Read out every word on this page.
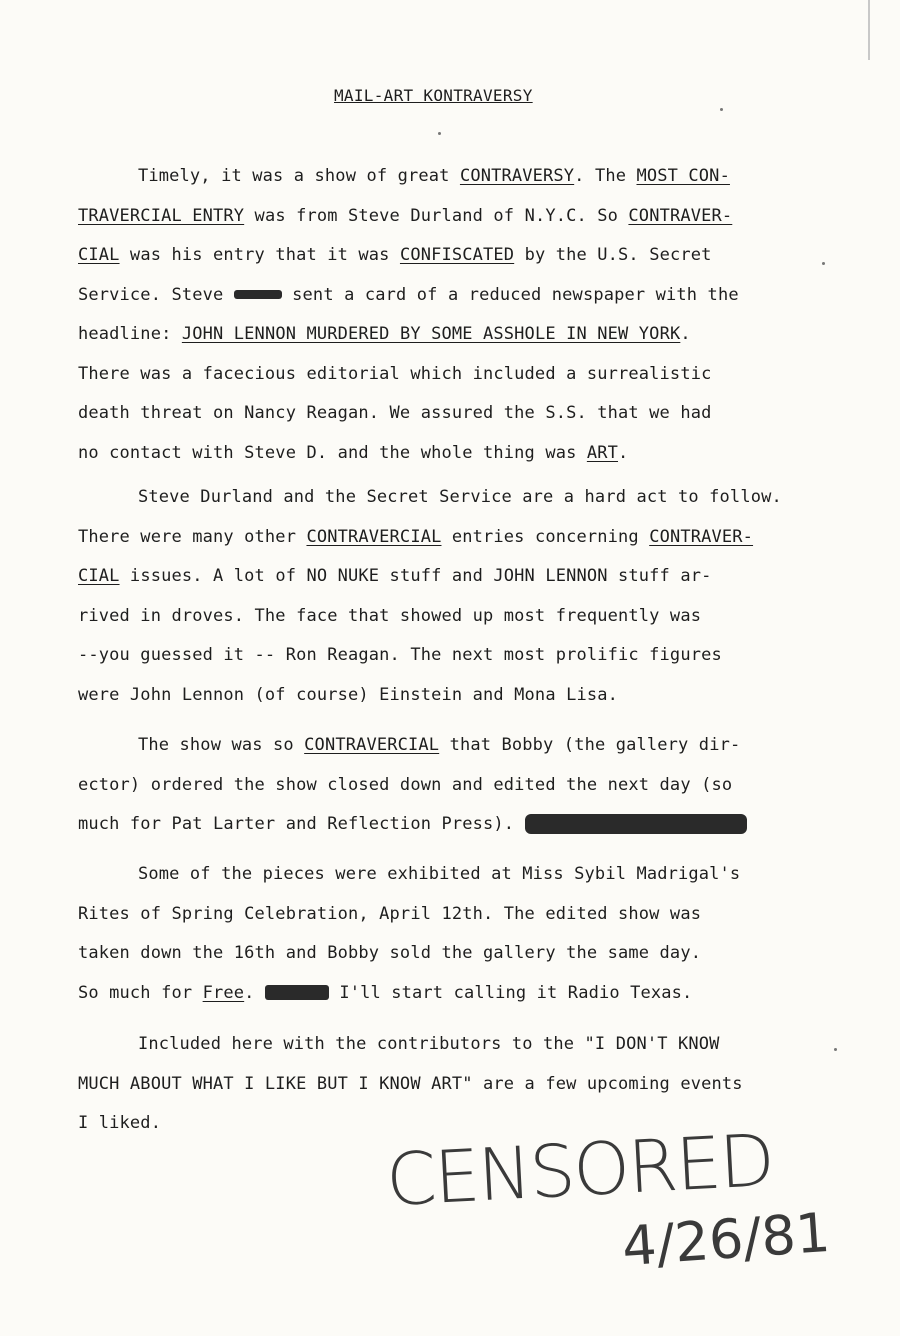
MAIL-ART KONTRAVERSY
Timely, it was a show of great CONTRAVERSY. The MOST CON-
TRAVERCIAL ENTRY was from Steve Durland of N.Y.C. So CONTRAVER-
CIAL was his entry that it was CONFISCATED by the U.S. Secret
Service. Steve	sent a card of a reduced newspaper with the
headline: JOHN LENNON MURDERED BY SOME ASSHOLE IN NEW YORK.
There was a facecious editorial which included a surrealistic
death threat on Nancy Reagan. We assured the S.S. that we had
no contact with Steve D. and the whole thing was ART.
Steve Durland and the Secret Service are a hard act to follow.
There were many other CONTRAVERCIAL entries concerning CONTRAVER-
CIAL issues. A lot of NO NUKE stuff and JOHN LENNON stuff ar-
rived in droves. The face that showed up most frequently was
--you guessed it -- Ron Reagan. The next most prolific figures
were John Lennon (of course) Einstein and Mona Lisa.
The show was so CONTRAVERCIAL that Bobby (the gallery dir-
ector) ordered the show closed down and edited the next day (so
much for Pat Larter and Reflection Press).
Some of the pieces were exhibited at Miss Sybil Madrigal's
Rites of Spring Celebration, April 12th. The edited show was
taken down the 16th and Bobby sold the gallery the same day.
So much for Free.	I'll start calling it Radio Texas.
Included here with the contributors to the "I DON'T KNOW
MUCH ABOUT WHAT I LIKE BUT I KNOW ART" are a few upcoming events
I liked.	CENSORED
4/26/81
